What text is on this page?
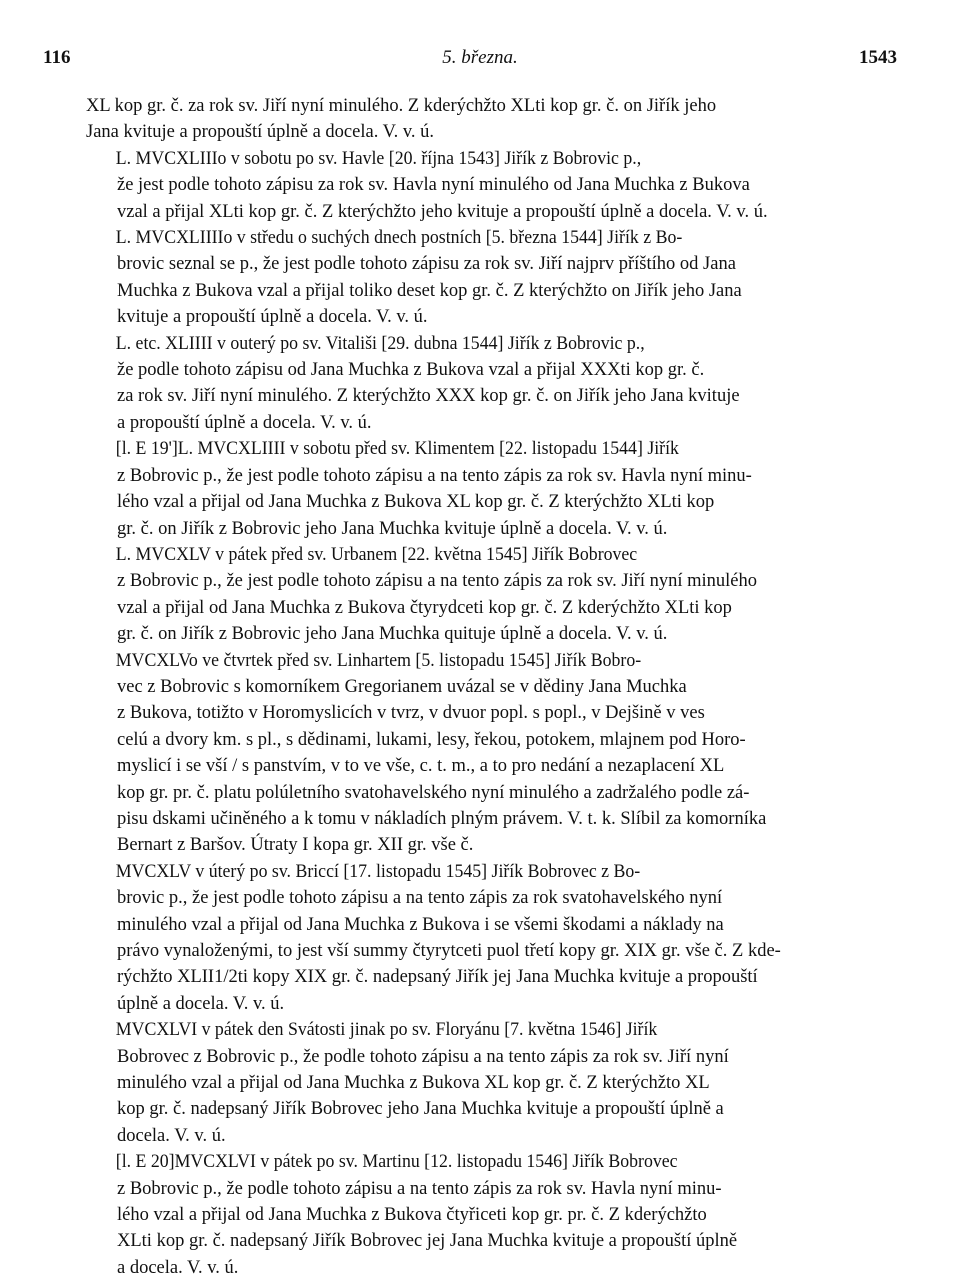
116	5. března.	1543
XL kop gr. č. za rok sv. Jiří nyní minulého. Z kderýchžto XLti kop gr. č. on Jiřík jeho
Jana kvituje a propouští úplně a docela. V. v. ú.
L. MVCXLIIIo v sobotu po sv. Havle [20. října 1543] Jiřík z Bobrovic p.,
že jest podle tohoto zápisu za rok sv. Havla nyní minulého od Jana Muchka z Bukova
vzal a přijal XLti kop gr. č. Z kterýchžto jeho kvituje a propouští úplně a docela. V. v. ú.
L. MVCXLIIIIo v středu o suchých dnech postních [5. března 1544] Jiřík z Bo-
brovic seznal se p., že jest podle tohoto zápisu za rok sv. Jiří najprv příštího od Jana
Muchka z Bukova vzal a přijal toliko deset kop gr. č. Z kterýchžto on Jiřík jeho Jana
kvituje a propouští úplně a docela. V. v. ú.
L. etc. XLIIII v outerý po sv. Vitališi [29. dubna 1544] Jiřík z Bobrovic p.,
že podle tohoto zápisu od Jana Muchka z Bukova vzal a přijal XXXti kop gr. č.
za rok sv. Jiří nyní minulého. Z kterýchžto XXX kop gr. č. on Jiřík jeho Jana kvituje
a propouští úplně a docela. V. v. ú.
[l. E 19']L. MVCXLIIII v sobotu před sv. Klimentem [22. listopadu 1544] Jiřík
z Bobrovic p., že jest podle tohoto zápisu a na tento zápis za rok sv. Havla nyní minu-
lého vzal a přijal od Jana Muchka z Bukova XL kop gr. č. Z kterýchžto XLti kop
gr. č. on Jiřík z Bobrovic jeho Jana Muchka kvituje úplně a docela. V. v. ú.
L. MVCXLV v pátek před sv. Urbanem [22. května 1545] Jiřík Bobrovec
z Bobrovic p., že jest podle tohoto zápisu a na tento zápis za rok sv. Jiří nyní minulého
vzal a přijal od Jana Muchka z Bukova čtyrydceti kop gr. č. Z kderýchžto XLti kop
gr. č. on Jiřík z Bobrovic jeho Jana Muchka quituje úplně a docela. V. v. ú.
MVCXLVo ve čtvrtek před sv. Linhartem [5. listopadu 1545] Jiřík Bobro-
vec z Bobrovic s komorníkem Gregorianem uvázal se v dědiny Jana Muchka
z Bukova, totižto v Horomyslicích v tvrz, v dvuor popl. s popl., v Dejšině v ves
celú a dvory km. s pl., s dědinami, lukami, lesy, řekou, potokem, mlajnem pod Horo-
myslicí i se vší / s panstvím, v to ve vše, c. t. m., a to pro nedání a nezaplacení XL
kop gr. pr. č. platu polúletního svatohavelského nyní minulého a zadržalého podle zá-
pisu dskami učiněného a k tomu v nákladích plným právem. V. t. k. Slíbil za komorníka
Bernart z Baršov. Útraty I kopa gr. XII gr. vše č.
MVCXLV v úterý po sv. Briccí [17. listopadu 1545] Jiřík Bobrovec z Bo-
brovic p., že jest podle tohoto zápisu a na tento zápis za rok svatohavelského nyní
minulého vzal a přijal od Jana Muchka z Bukova i se všemi škodami a náklady na
právo vynaloženými, to jest vší summy čtyrytceti puol třetí kopy gr. XIX gr. vše č. Z kde-
rýchžto XLII1/2ti kopy XIX gr. č. nadepsaný Jiřík jej Jana Muchka kvituje a propouští
úplně a docela. V. v. ú.
MVCXLVI v pátek den Svátosti jinak po sv. Floryánu [7. května 1546] Jiřík
Bobrovec z Bobrovic p., že podle tohoto zápisu a na tento zápis za rok sv. Jiří nyní
minulého vzal a přijal od Jana Muchka z Bukova XL kop gr. č. Z kterýchžto XL
kop gr. č. nadepsaný Jiřík Bobrovec jeho Jana Muchka kvituje a propouští úplně a
docela. V. v. ú.
[l. E 20]MVCXLVI v pátek po sv. Martinu [12. listopadu 1546] Jiřík Bobrovec
z Bobrovic p., že podle tohoto zápisu a na tento zápis za rok sv. Havla nyní minu-
lého vzal a přijal od Jana Muchka z Bukova čtyřiceti kop gr. pr. č. Z kderýchžto
XLti kop gr. č. nadepsaný Jiřík Bobrovec jej Jana Muchka kvituje a propouští úplně
a docela. V. v. ú.
